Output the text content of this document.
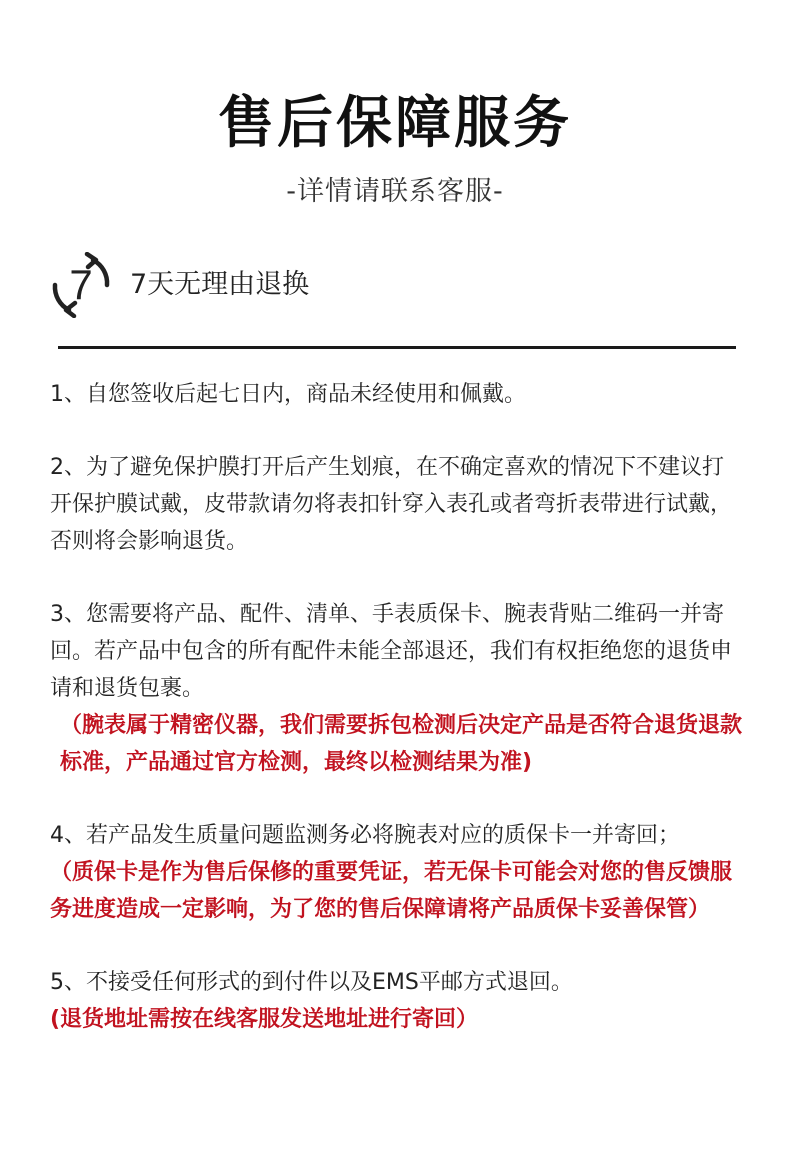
售后保障服务
-详情请联系客服-
7 7天无理由退换

1、自您签收后起七日内，商品未经使用和佩戴。

2、为了避免保护膜打开后产生划痕，在不确定喜欢的情况下不建议打开保护膜试戴，皮带款请勿将表扣针穿入表孔或者弯折表带进行试戴，否则将会影响退货。

3、您需要将产品、配件、清单、手表质保卡、腕表背贴二维码一并寄回。若产品中包含的所有配件未能全部退还，我们有权拒绝您的退货申请和退货包裹。

（腕表属于精密仪器，我们需要拆包检测后决定产品是否符合退货退款标准，产品通过官方检测，最终以检测结果为准)

4、若产品发生质量问题监测务必将腕表对应的质保卡一并寄回；

（质保卡是作为售后保修的重要凭证，若无保卡可能会对您的售反馈服务进度造成一定影响，为了您的售后保障请将产品质保卡妥善保管）

5、不接受任何形式的到付件以及EMS平邮方式退回。

(退货地址需按在线客服发送地址进行寄回）
